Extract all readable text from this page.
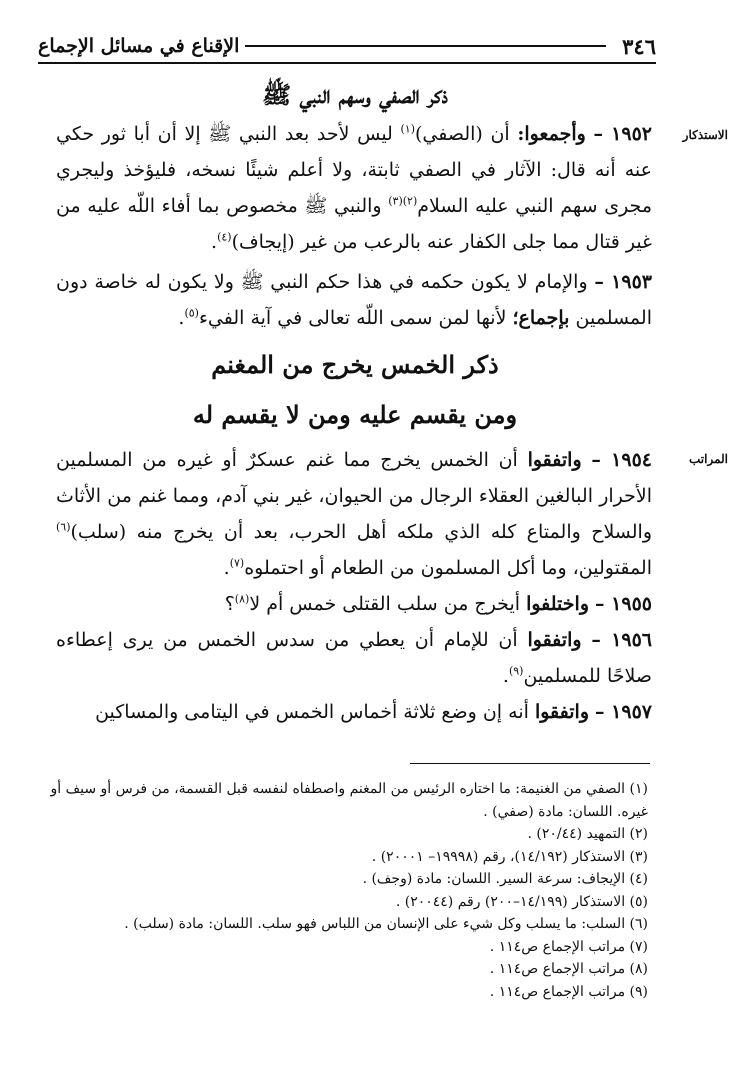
٣٤٦
الإقناع في مسائل الإجماع
ذكر الصفي وسهم النبي ﷺ
الاستذكار

١٩٥٢ – وأجمعوا: أن (الصفي)$^{(١)}$ ليس لأحد بعد النبي ﷺ إلا أن أبا ثور حكي عنه أنه قال: الآثار في الصفي ثابتة، ولا أعلم شيئًا نسخه، فليؤخذ وليجري مجرى سهم النبي عليه السلام$^{(٢)(٣)}$ والنبي ﷺ مخصوص بما أفاء اللّه عليه من غير قتال مما جلى الكفار عنه بالرعب من غير (إيجاف)$^{(٤)}$.

١٩٥٣ – والإمام لا يكون حكمه في هذا حكم النبي ﷺ ولا يكون له خاصة دون المسلمين بإجماع؛ لأنها لمن سمى اللّه تعالى في آية الفيء$^{(٥)}$.

ذكر الخمس يخرج من المغنم
ومن يقسم عليه ومن لا يقسم له
المراتب

١٩٥٤ – واتفقوا أن الخمس يخرج مما غنم عسكرٌ أو غيره من المسلمين الأحرار البالغين العقلاء الرجال من الحيوان، غير بني آدم، ومما غنم من الأثاث والسلاح والمتاع كله الذي ملكه أهل الحرب، بعد أن يخرج منه (سلب)$^{(٦)}$ المقتولين، وما أكل المسلمون من الطعام أو احتملوه$^{(٧)}$.

١٩٥٥ – واختلفوا أيخرج من سلب القتلى خمس أم لا$^{(٨)}$؟

١٩٥٦ – واتفقوا أن للإمام أن يعطي من سدس الخمس من يرى إعطاءه صلاحًا للمسلمين$^{(٩)}$.

١٩٥٧ – واتفقوا أنه إن وضع ثلاثة أخماس الخمس في اليتامى والمساكين

(١) الصفي من الغنيمة: ما اختاره الرئيس من المغنم واصطفاه لنفسه قبل القسمة، من فرس أو سيف أو غيره. اللسان: مادة (صفي) .

(٢) التمهيد (٢٠/٤٤) .

(٣) الاستذكار (١٤/١٩٢)، رقم (١٩٩٩٨– ٢٠٠٠١) .

(٤) الإيجاف: سرعة السير. اللسان: مادة (وجف) .

(٥) الاستذكار (١٤/١٩٩–٢٠٠) رقم (٢٠٠٤٤) .

(٦) السلب: ما يسلب وكل شيء على الإنسان من اللباس فهو سلب. اللسان: مادة (سلب) .

(٧) مراتب الإجماع ص١١٤ .

(٨) مراتب الإجماع ص١١٤ .

(٩) مراتب الإجماع ص١١٤ .
